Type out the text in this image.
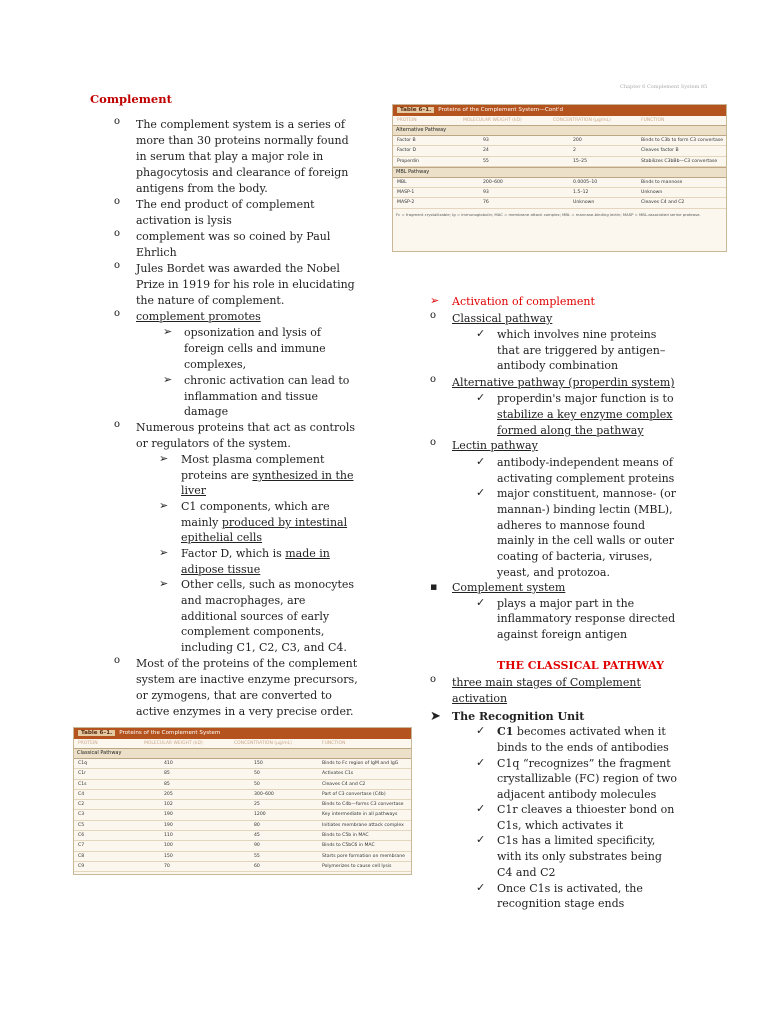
Chapter 6 Complement System 85
Complement
o The complement system is a series of
more than 30 proteins normally found
in serum that play a major role in
phagocytosis and clearance of foreign
antigens from the body.
o The end product of complement
activation is lysis
o complement was so coined by Paul
Ehrlich
o Jules Bordet was awarded the Nobel
Prize in 1919 for his role in elucidating
the nature of complement.
o complement promotes
➢ opsonization and lysis of
foreign cells and immune
complexes,
➢ chronic activation can lead to
inflammation and tissue
damage
o Numerous proteins that act as controls
or regulators of the system.
➢ Most plasma complement
proteins are synthesized in the
liver
➢ C1 components, which are
mainly produced by intestinal
epithelial cells
➢ Factor D, which is made in
adipose tissue
➢ Other cells, such as monocytes
and macrophages, are
additional sources of early
complement components,
including C1, C2, C3, and C4.
o Most of the proteins of the complement
system are inactive enzyme precursors,
or zymogens, that are converted to
active enzymes in a very precise order.
➢ Activation of complement
o Classical pathway
✓ which involves nine proteins
that are triggered by antigen–
antibody combination
o Alternative pathway (properdin system)
✓ properdin's major function is to
stabilize a key enzyme complex
formed along the pathway
o Lectin pathway
✓ antibody-independent means of
activating complement proteins
✓ major constituent, mannose- (or
mannan-) binding lectin (MBL),
adheres to mannose found
mainly in the cell walls or outer
coating of bacteria, viruses,
yeast, and protozoa.
▪ Complement system
✓ plays a major part in the
inflammatory response directed
against foreign antigen
THE CLASSICAL PATHWAY
o three main stages of Complement
activation
➤ The Recognition Unit
✓ C1 becomes activated when it
binds to the ends of antibodies
✓ C1q “recognizes” the fragment
crystallizable (FC) region of two
adjacent antibody molecules
✓ C1r cleaves a thioester bond on
C1s, which activates it
✓ C1s has a limited specificity,
with its only substrates being
C4 and C2
✓ Once C1s is activated, the
recognition stage ends
Table 6–1. Proteins of the Complement System—Cont'd
PROTEIN	MOLECULAR WEIGHT (kD)	CONCENTRATION (μg/mL)	FUNCTION
Alternative Pathway
Factor B	93	200	Binds to C3b to form C3 convertase
Factor D	24	2	Cleaves factor B
Properdin	55	15–25	Stabilizes C3bBb—C3 convertase
MBL Pathway
MBL	200–600	0.0005–10	Binds to mannose
MASP-1	93	1.5–12	Unknown
MASP-2	76	Unknown	Cleaves C4 and C2
Fc = fragment crystallizable; Ig = immunoglobulin; MAC = membrane attack complex; MBL = mannose-binding lectin; MASP = MBL-associated serine protease.
Table 6–1. Proteins of the Complement System
PROTEIN	MOLECULAR WEIGHT (kD)	CONCENTRATION (μg/mL)	FUNCTION
Classical Pathway
C1q	410	150	Binds to Fc region of IgM and IgG
C1r	85	50	Activates C1s
C1s	85	50	Cleaves C4 and C2
C4	205	300–600	Part of C3 convertase (C4b)
C2	102	25	Binds to C4b—forms C3 convertase
C3	190	1200	Key intermediate in all pathways
C5	190	80	Initiates membrane attack complex
C6	110	45	Binds to C5b in MAC
C7	100	90	Binds to C5bC6 in MAC
C8	150	55	Starts pore formation on membrane
C9	70	60	Polymerizes to cause cell lysis
